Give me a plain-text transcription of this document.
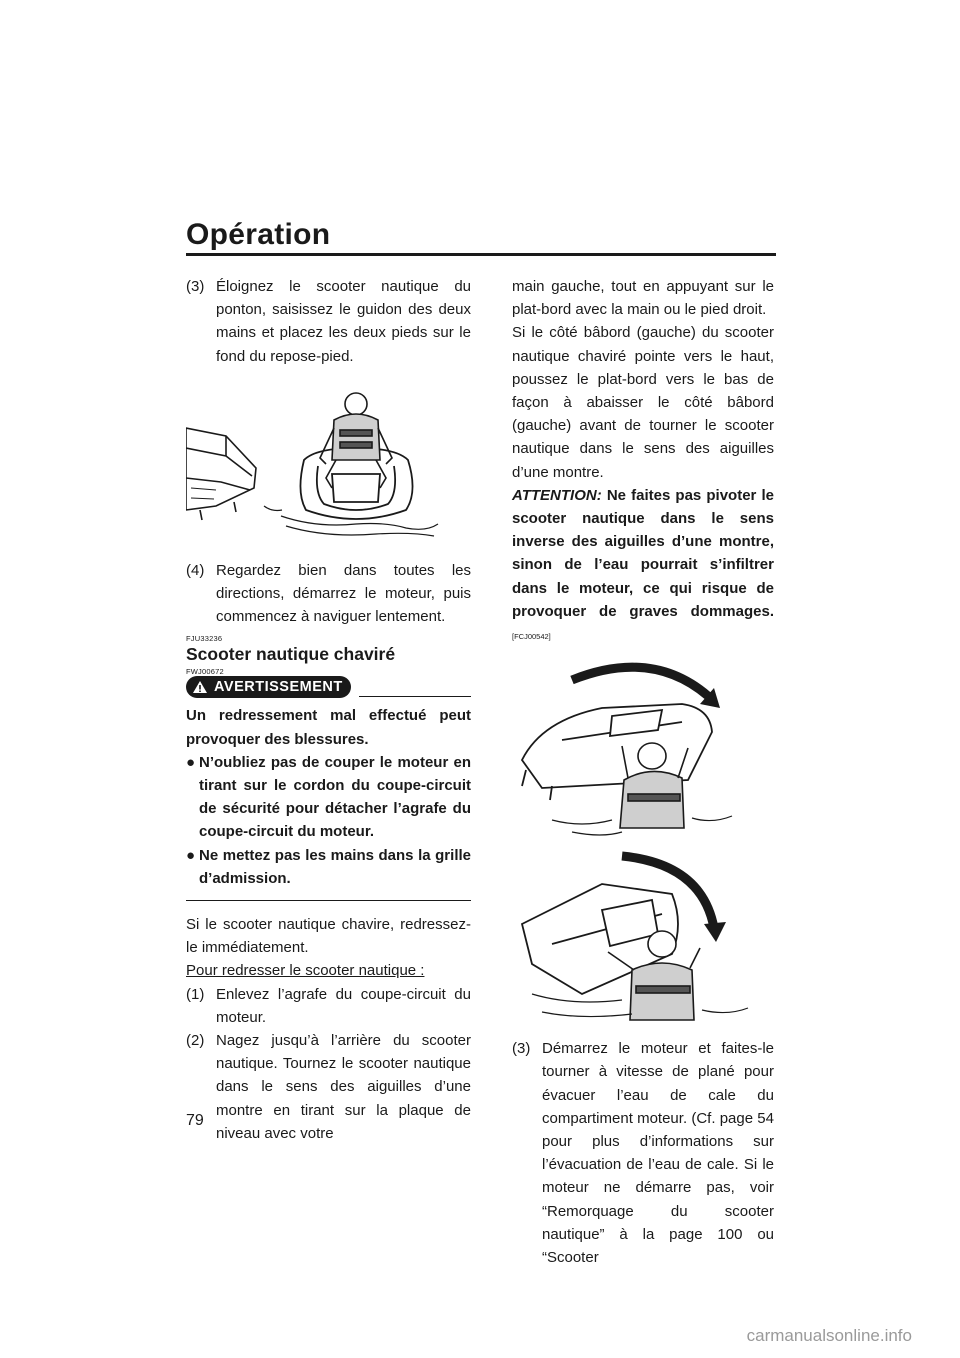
Opération
79
(3) Éloignez le scooter nautique du ponton, saisissez le guidon des deux mains et placez les deux pieds sur le fond du repose-pied.
(4) Regardez bien dans toutes les directions, démarrez le moteur, puis commencez à naviguer lentement.
FJU33236
Scooter nautique chaviré
FWJ00672
AVERTISSEMENT

Un redressement mal effectué peut provoquer des blessures.

● N’oubliez pas de couper le moteur en tirant sur le cordon du coupe-circuit de sécurité pour détacher l’agrafe du coupe-circuit du moteur.
● Ne mettez pas les mains dans la grille d’admission.

Si le scooter nautique chavire, redressez-le immédiatement.

Pour redresser le scooter nautique :

(1) Enlevez l’agrafe du coupe-circuit du moteur.
(2) Nagez jusqu’à l’arrière du scooter nautique. Tournez le scooter nautique dans le sens des aiguilles d’une montre en tirant sur la plaque de niveau avec votre

main gauche, tout en appuyant sur le plat-bord avec la main ou le pied droit.

Si le côté bâbord (gauche) du scooter nautique chaviré pointe vers le haut, poussez le plat-bord vers le bas de façon à abaisser le côté bâbord (gauche) avant de tourner le scooter nautique dans le sens des aiguilles d’une montre.

ATTENTION: Ne faites pas pivoter le scooter nautique dans le sens inverse des aiguilles d’une montre, sinon de l’eau pourrait s’infiltrer dans le moteur, ce qui risque de provoquer de graves dommages. [FCJ00542]

(3) Démarrez le moteur et faites-le tourner à vitesse de plané pour évacuer l’eau de cale du compartiment moteur. (Cf. page 54 pour plus d’informations sur l’évacuation de l’eau de cale. Si le moteur ne démarre pas, voir “Remorquage du scooter nautique” à la page 100 ou “Scooter
carmanualsonline.info
